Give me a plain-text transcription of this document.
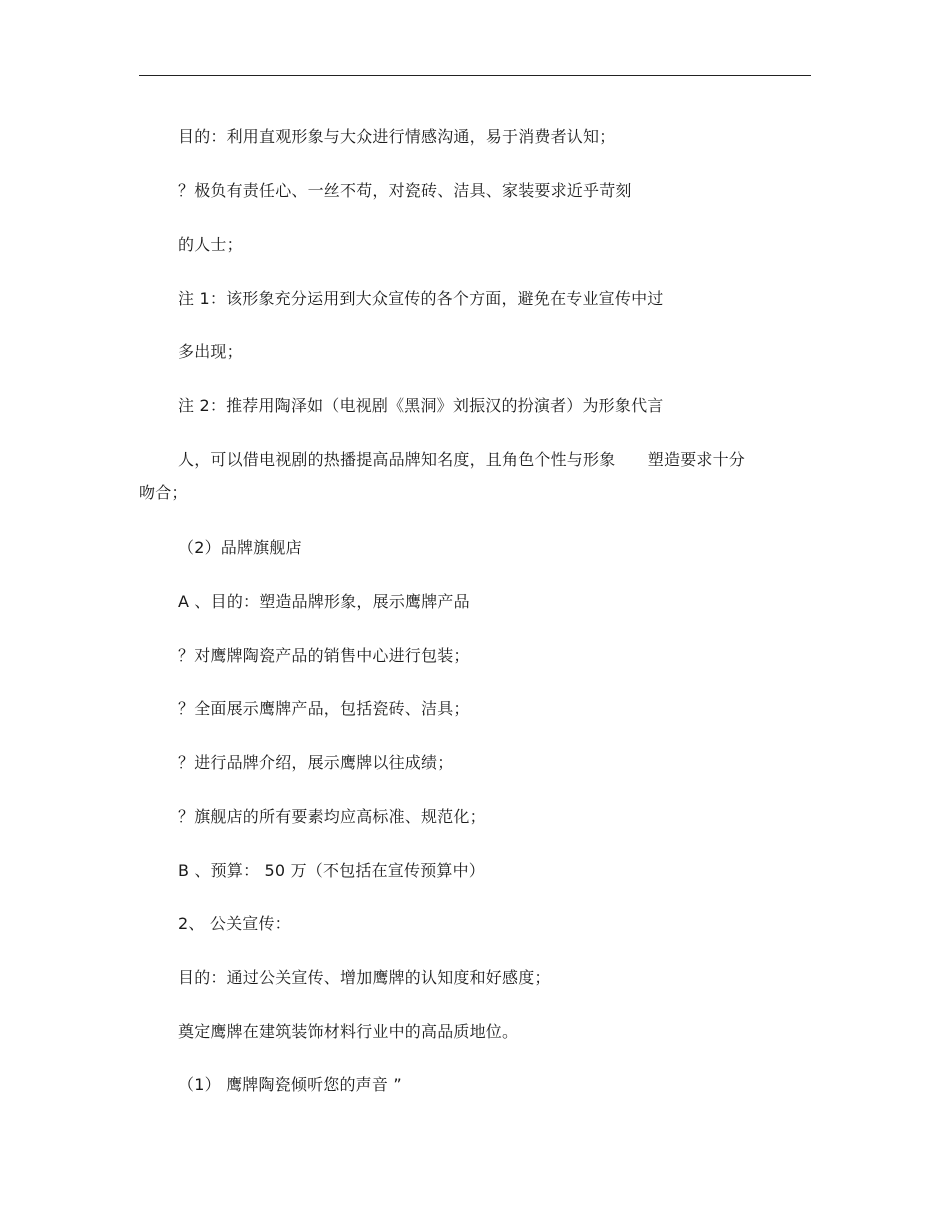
目的：利用直观形象与大众进行情感沟通，易于消费者认知；
？极负有责任心、一丝不苟，对瓷砖、洁具、家装要求近乎苛刻
的人士；
注 1：该形象充分运用到大众宣传的各个方面，避免在专业宣传中过
多出现；
注 2：推荐用陶泽如（电视剧《黑洞》刘振汉的扮演者）为形象代言
人，可以借电视剧的热播提高品牌知名度，且角色个性与形象　　塑造要求十分
吻合；
（2）品牌旗舰店
A 、目的：塑造品牌形象，展示鹰牌产品
？对鹰牌陶瓷产品的销售中心进行包装；
？全面展示鹰牌产品，包括瓷砖、洁具；
？进行品牌介绍，展示鹰牌以往成绩；
？旗舰店的所有要素均应高标准、规范化；
B 、预算： 50 万（不包括在宣传预算中）
2、 公关宣传：
目的：通过公关宣传、增加鹰牌的认知度和好感度；
奠定鹰牌在建筑装饰材料行业中的高品质地位。
（1） 鹰牌陶瓷倾听您的声音 ”
